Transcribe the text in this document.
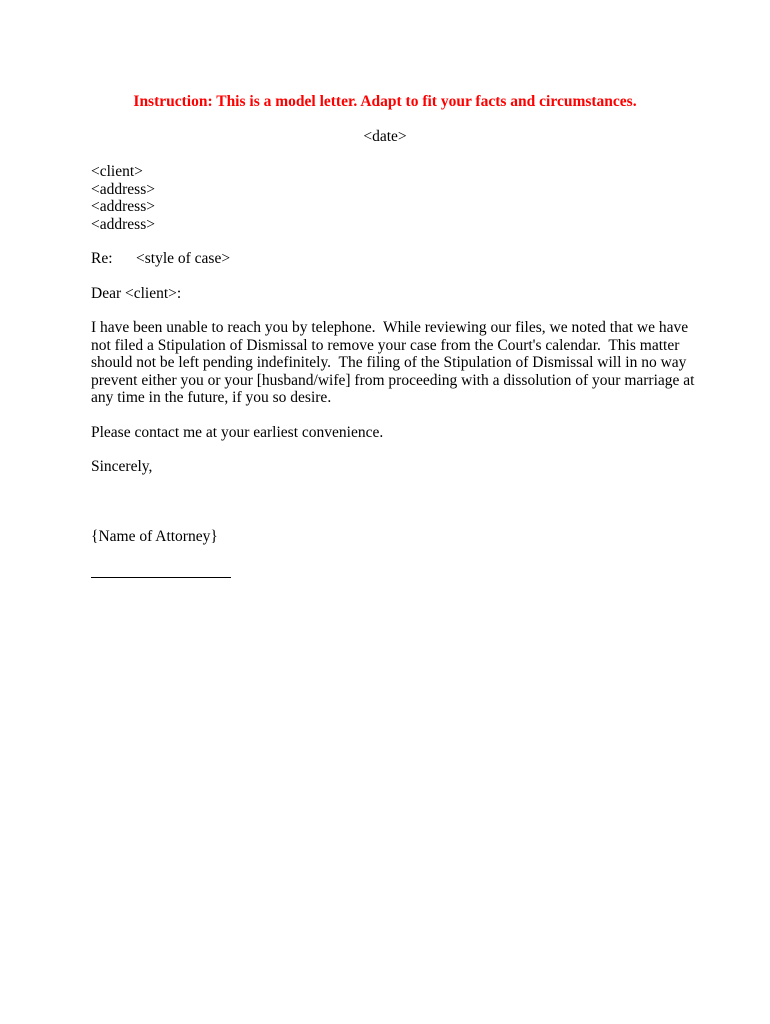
Instruction: This is a model letter. Adapt to fit your facts and circumstances.
<date>
<client>
<address>
<address>
<address>
Re: <style of case>
Dear <client>:
I have been unable to reach you by telephone.  While reviewing our files, we noted that we have
not filed a Stipulation of Dismissal to remove your case from the Court's calendar.  This matter
should not be left pending indefinitely.  The filing of the Stipulation of Dismissal will in no way
prevent either you or your [husband/wife] from proceeding with a dissolution of your marriage at
any time in the future, if you so desire.
Please contact me at your earliest convenience.
Sincerely,
{Name of Attorney}
